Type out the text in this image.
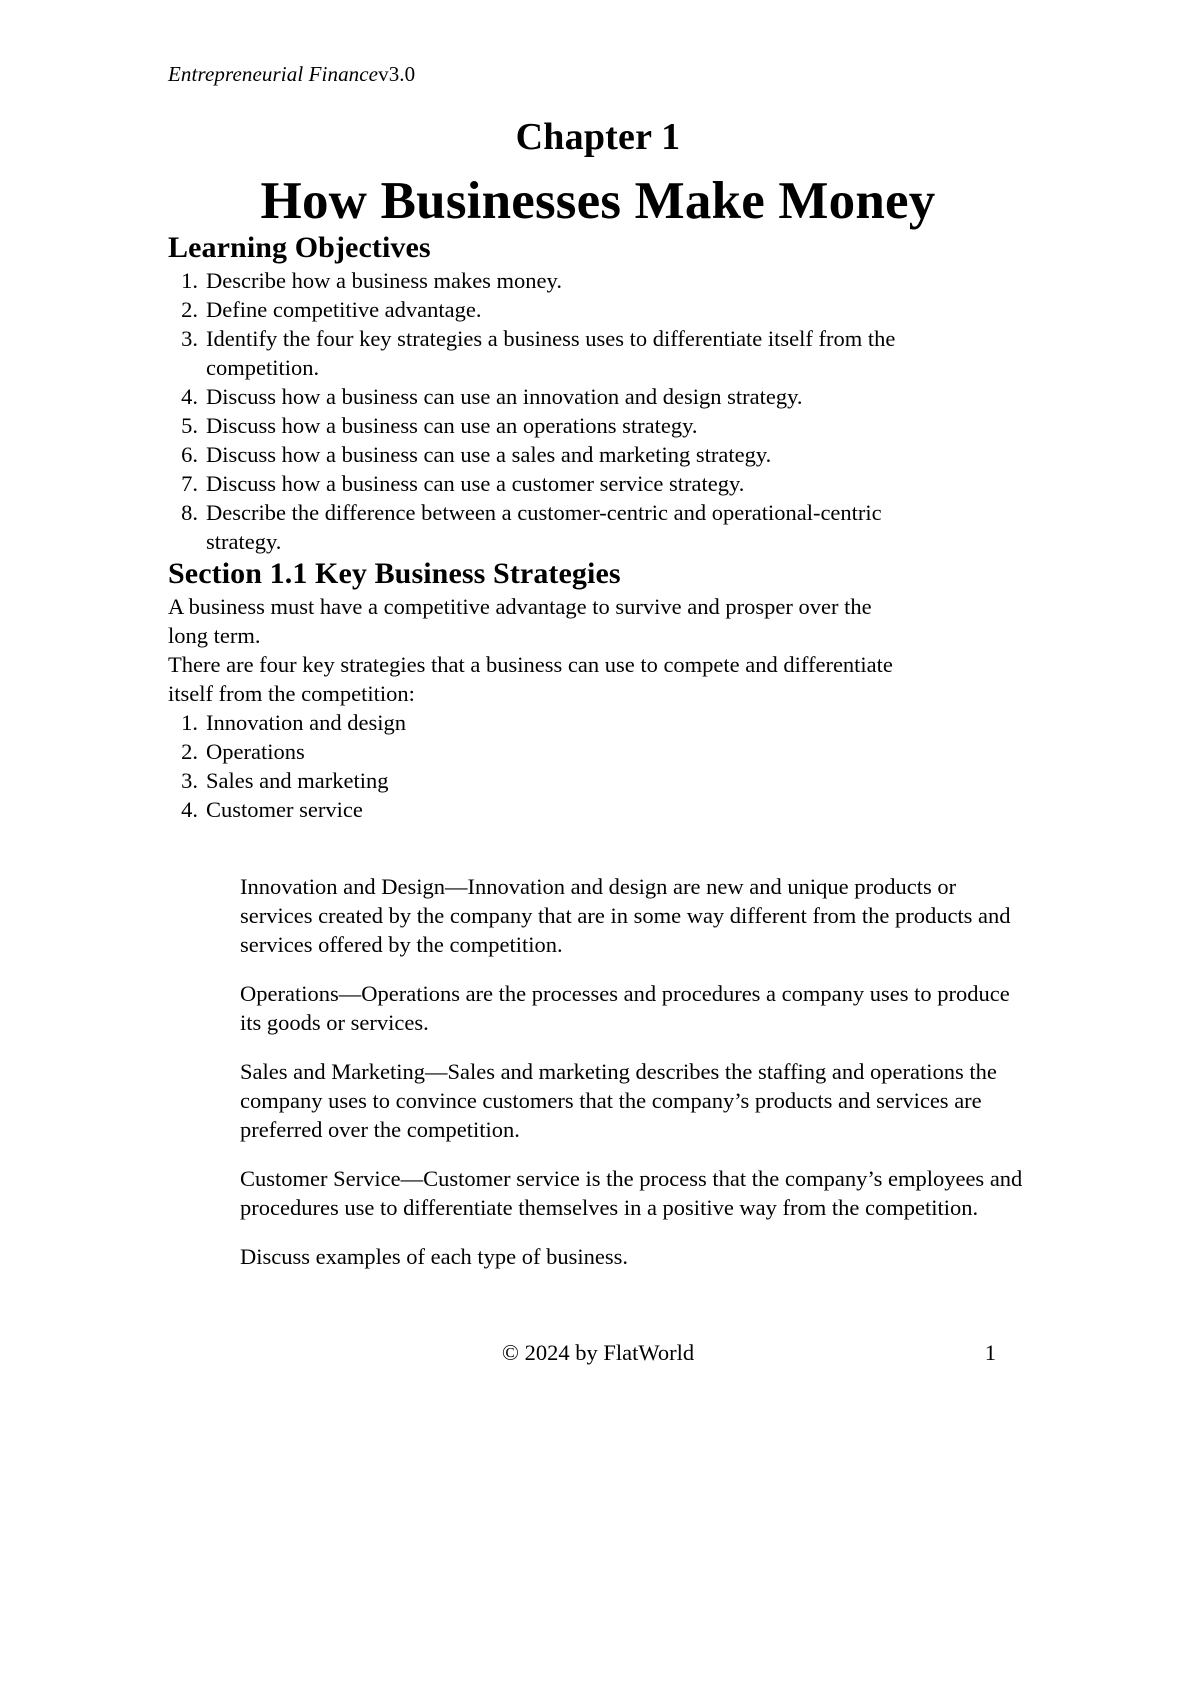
Entrepreneurial Financev3.0
Chapter 1
How Businesses Make Money
Learning Objectives
1. Describe how a business makes money.
2. Define competitive advantage.
3. Identify the four key strategies a business uses to differentiate itself from the competition.
4. Discuss how a business can use an innovation and design strategy.
5. Discuss how a business can use an operations strategy.
6. Discuss how a business can use a sales and marketing strategy.
7. Discuss how a business can use a customer service strategy.
8. Describe the difference between a customer-centric and operational-centric strategy.
Section 1.1 Key Business Strategies

A business must have a competitive advantage to survive and prosper over the long term.

There are four key strategies that a business can use to compete and differentiate itself from the competition:

1. Innovation and design
2. Operations
3. Sales and marketing
4. Customer service

Innovation and Design—Innovation and design are new and unique products or services created by the company that are in some way different from the products and services offered by the competition.

Operations—Operations are the processes and procedures a company uses to produce its goods or services.

Sales and Marketing—Sales and marketing describes the staffing and operations the company uses to convince customers that the company’s products and services are preferred over the competition.

Customer Service—Customer service is the process that the company’s employees and procedures use to differentiate themselves in a positive way from the competition.

Discuss examples of each type of business.

© 2024 by FlatWorld	1
